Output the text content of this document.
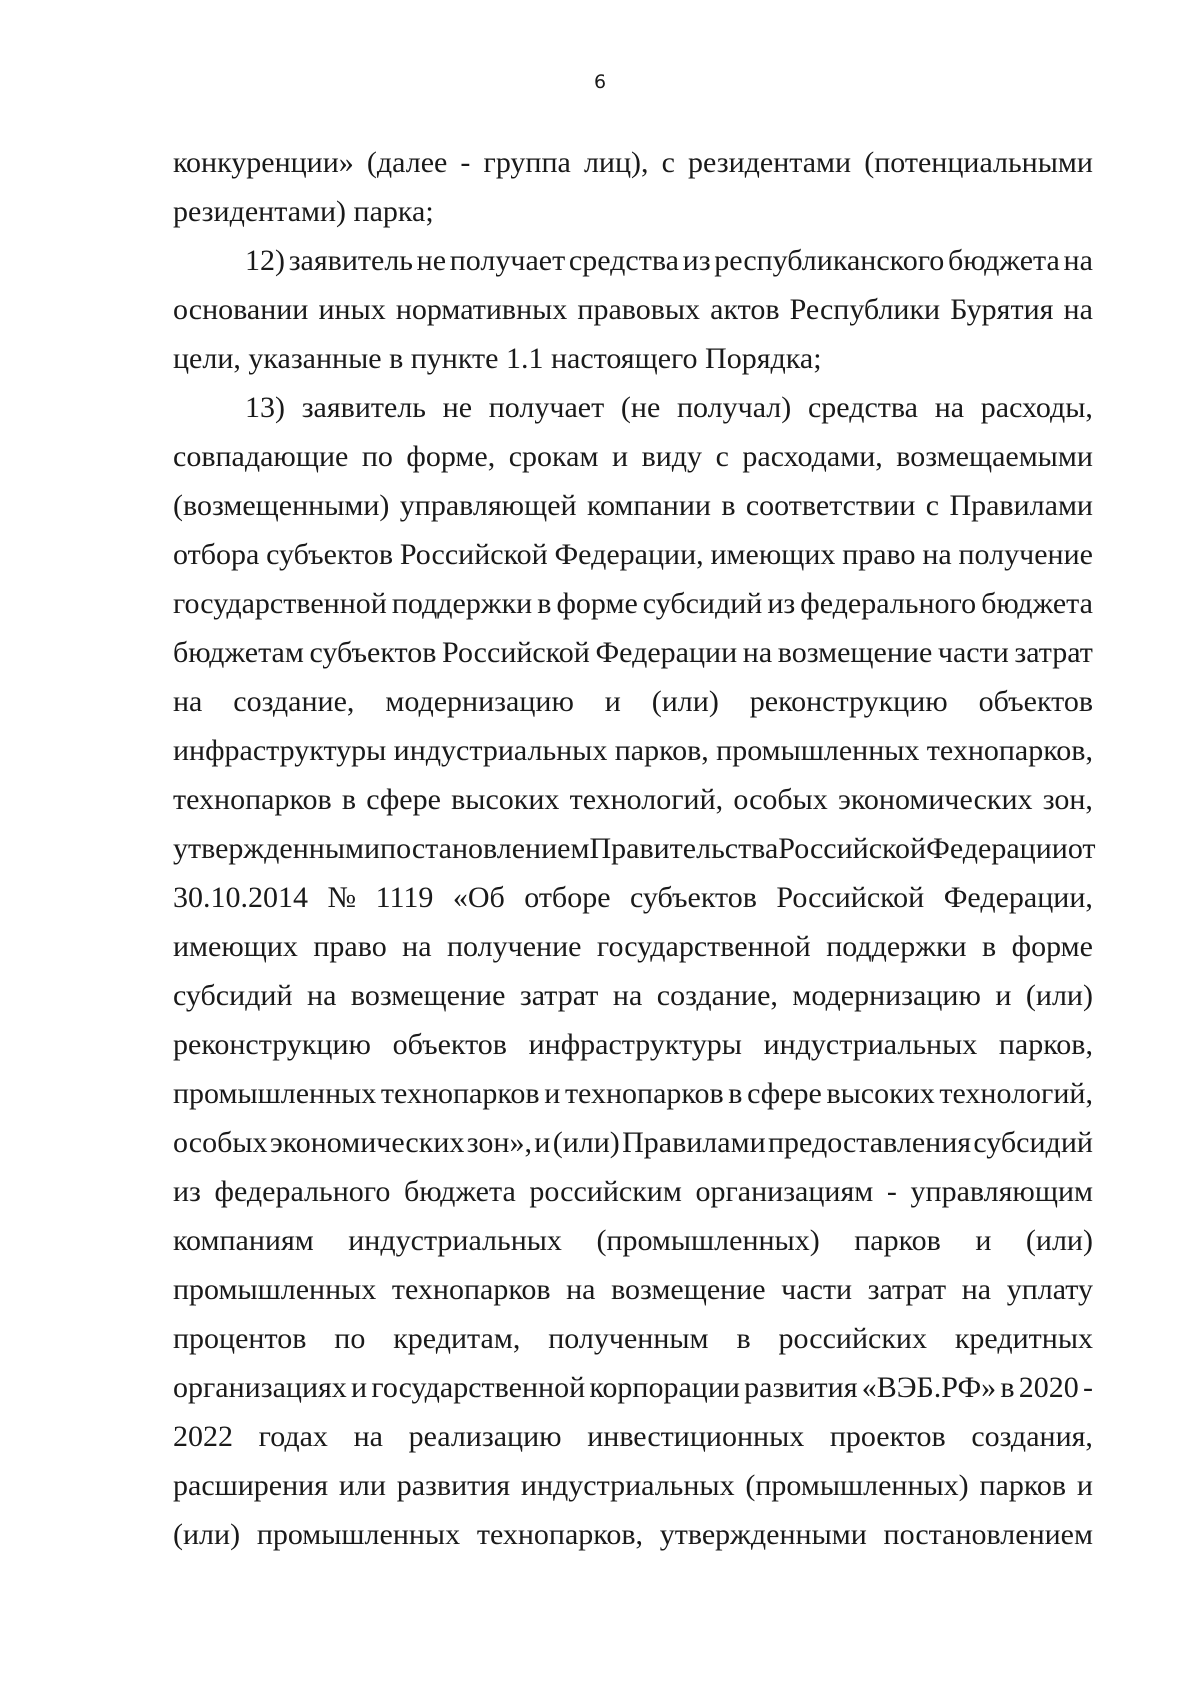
6
конкуренции» (далее - группа лиц), с резидентами (потенциальными
резидентами) парка;
12) заявитель не получает средства из республиканского бюджета на
основании иных нормативных правовых актов Республики Бурятия на
цели, указанные в пункте 1.1 настоящего Порядка;
13) заявитель не получает (не получал) средства на расходы,
совпадающие по форме, срокам и виду с расходами, возмещаемыми
(возмещенными) управляющей компании в соответствии с Правилами
отбора субъектов Российской Федерации, имеющих право на получение
государственной поддержки в форме субсидий из федерального бюджета
бюджетам субъектов Российской Федерации на возмещение части затрат
на создание, модернизацию и (или) реконструкцию объектов
инфраструктуры индустриальных парков, промышленных технопарков,
технопарков в сфере высоких технологий, особых экономических зон,
утвержденными постановлением Правительства Российской Федерации от
30.10.2014 № 1119 «Об отборе субъектов Российской Федерации,
имеющих право на получение государственной поддержки в форме
субсидий на возмещение затрат на создание, модернизацию и (или)
реконструкцию объектов инфраструктуры индустриальных парков,
промышленных технопарков и технопарков в сфере высоких технологий,
особых экономических зон», и (или) Правилами предоставления субсидий
из федерального бюджета российским организациям - управляющим
компаниям индустриальных (промышленных) парков и (или)
промышленных технопарков на возмещение части затрат на уплату
процентов по кредитам, полученным в российских кредитных
организациях и государственной корпорации развития «ВЭБ.РФ» в 2020 -
2022 годах на реализацию инвестиционных проектов создания,
расширения или развития индустриальных (промышленных) парков и
(или) промышленных технопарков, утвержденными постановлением
